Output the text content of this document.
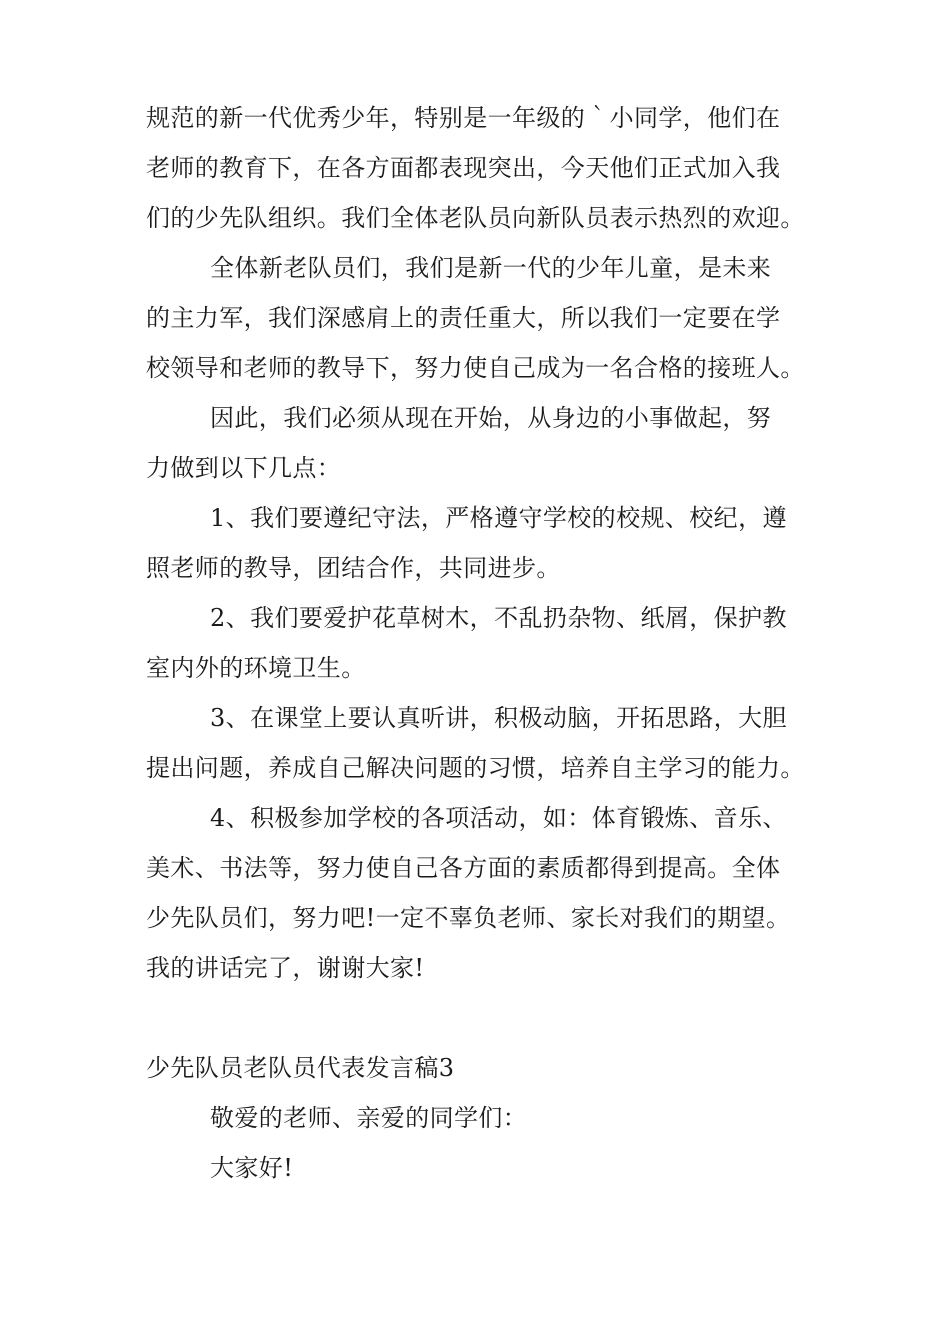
规范的新一代优秀少年，特别是一年级的｀小同学，他们在
老师的教育下，在各方面都表现突出，今天他们正式加入我
们的少先队组织。我们全体老队员向新队员表示热烈的欢迎。
全体新老队员们，我们是新一代的少年儿童，是未来
的主力军，我们深感肩上的责任重大，所以我们一定要在学
校领导和老师的教导下，努力使自己成为一名合格的接班人。
因此，我们必须从现在开始，从身边的小事做起，努
力做到以下几点：
1、我们要遵纪守法，严格遵守学校的校规、校纪，遵
照老师的教导，团结合作，共同进步。
2、我们要爱护花草树木，不乱扔杂物、纸屑，保护教
室内外的环境卫生。
3、在课堂上要认真听讲，积极动脑，开拓思路，大胆
提出问题，养成自己解决问题的习惯，培养自主学习的能力。
4、积极参加学校的各项活动，如：体育锻炼、音乐、
美术、书法等，努力使自己各方面的素质都得到提高。全体
少先队员们，努力吧!一定不辜负老师、家长对我们的期望。
我的讲话完了，谢谢大家!
少先队员老队员代表发言稿3
敬爱的老师、亲爱的同学们：
大家好!
